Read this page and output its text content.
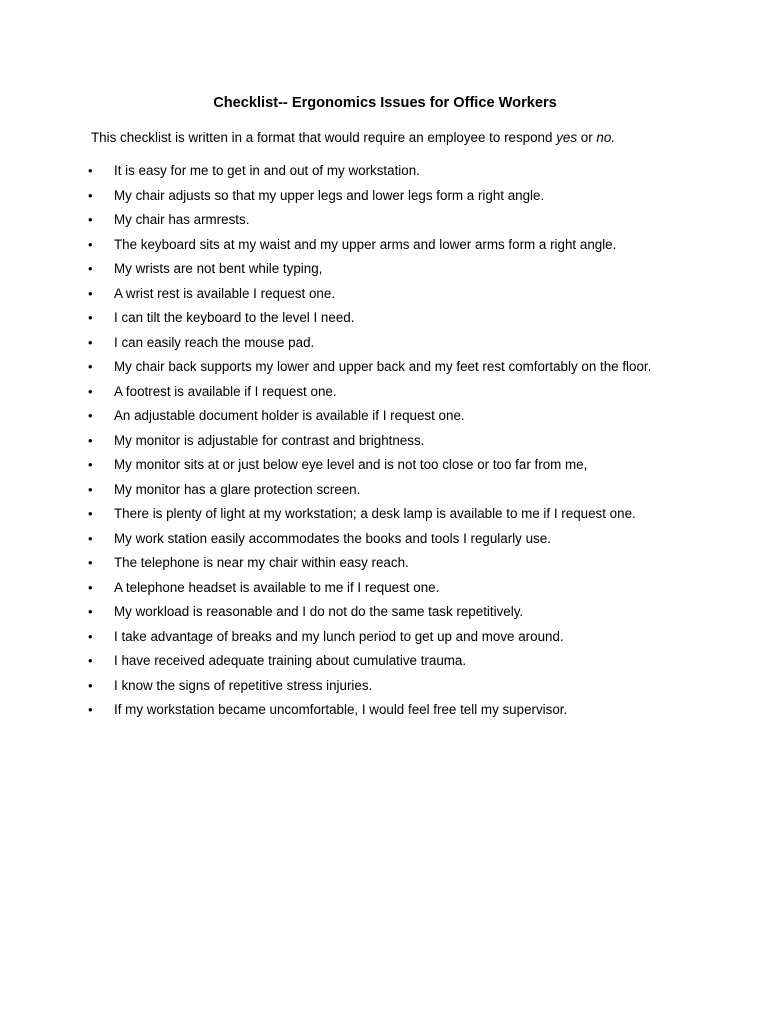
Checklist-- Ergonomics Issues for Office Workers
This checklist is written in a format that would require an employee to respond yes or no.
• It is easy for me to get in and out of my workstation.
• My chair adjusts so that my upper legs and lower legs form a right angle.
• My chair has armrests.
• The keyboard sits at my waist and my upper arms and lower arms form a right angle.
• My wrists are not bent while typing,
• A wrist rest is available I request one.
• I can tilt the keyboard to the level I need.
• I can easily reach the mouse pad.
• My chair back supports my lower and upper back and my feet rest comfortably on the floor.
• A footrest is available if I request one.
• An adjustable document holder is available if I request one.
• My monitor is adjustable for contrast and brightness.
• My monitor sits at or just below eye level and is not too close or too far from me,
• My monitor has a glare protection screen.
• There is plenty of light at my workstation; a desk lamp is available to me if I request one.
• My work station easily accommodates the books and tools I regularly use.
• The telephone is near my chair within easy reach.
• A telephone headset is available to me if I request one.
• My workload is reasonable and I do not do the same task repetitively.
• I take advantage of breaks and my lunch period to get up and move around.
• I have received adequate training about cumulative trauma.
• I know the signs of repetitive stress injuries.
• If my workstation became uncomfortable, I would feel free tell my supervisor.
